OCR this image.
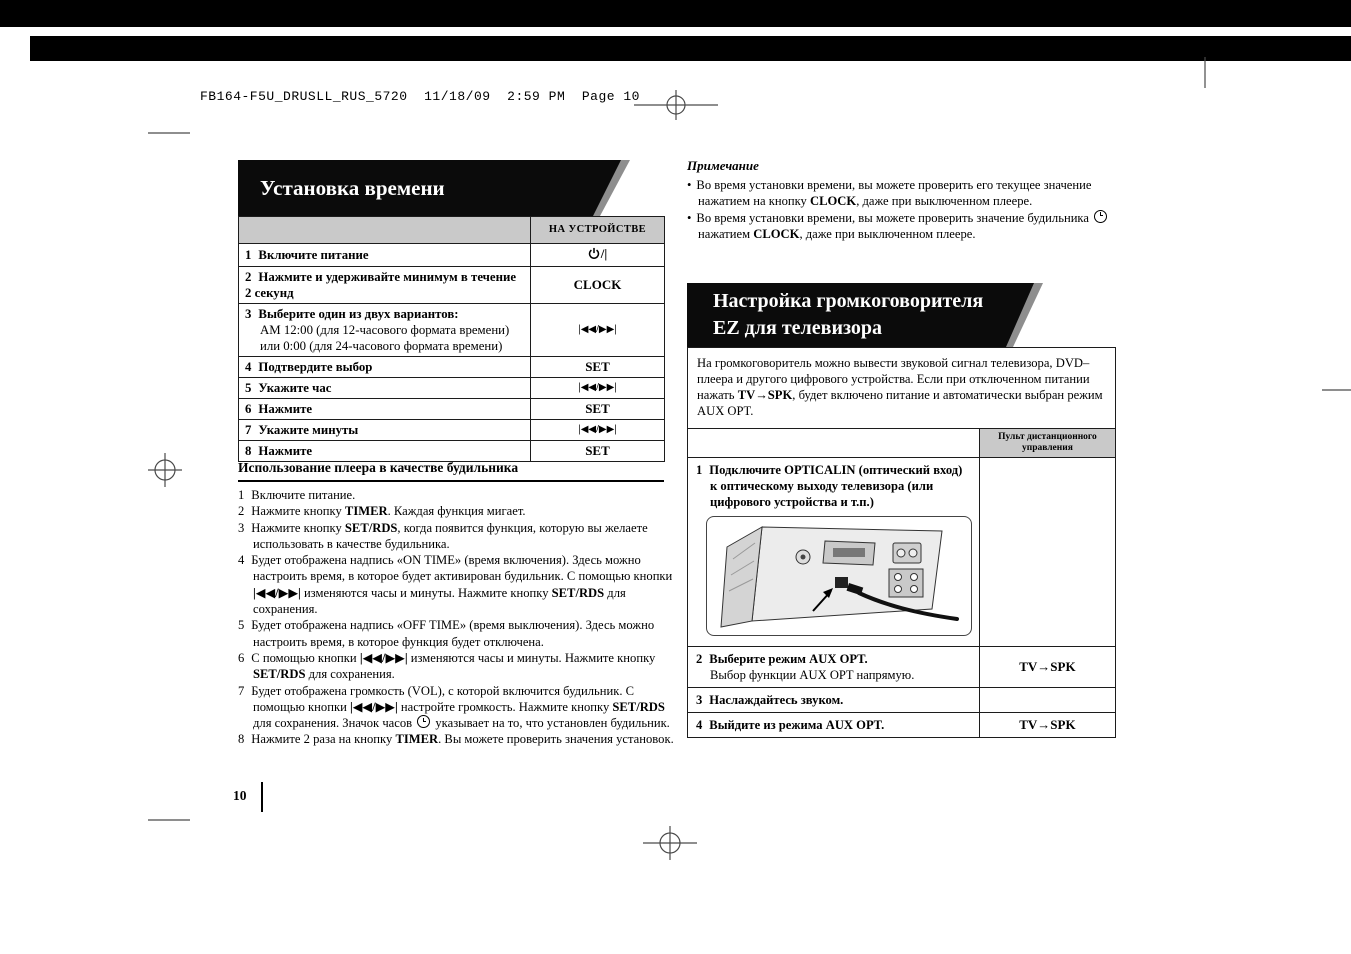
FB164-F5U_DRUSLL_RUS_5720  11/18/09  2:59 PM  Page 10
Установка времени
	НА УСТРОЙСТВЕ
1 Включите питание	/|
2 Нажмите и удерживайте минимум в течение 2 секунд	CLOCK

3 Выберите один из двух вариантов:
AM 12:00 (для 12-часового формата времени)
или 0:00 (для 24-часового формата времени)	|◀◀/▶▶|
4 Подтвердите выбор	SET
5 Укажите час	|◀◀/▶▶|
6 Нажмите	SET
7 Укажите минуты	|◀◀/▶▶|
8 Нажмите	SET
Использование плеера в качестве будильника
1 Включите питание.
2 Нажмите кнопку TIMER. Каждая функция мигает.
3 Нажмите кнопку SET/RDS, когда появится функция, которую вы желаете использовать в качестве будильника.
4 Будет отображена надпись «ON TIME» (время включения). Здесь можно настроить время, в которое будет активирован будильник. С помощью кнопки |◀◀/▶▶| изменяются часы и минуты. Нажмите кнопку SET/RDS для сохранения.
5 Будет отображена надпись «OFF TIME» (время выключения). Здесь можно настроить время, в которое функция будет отключена.
6 С помощью кнопки |◀◀/▶▶| изменяются часы и минуты. Нажмите кнопку SET/RDS для сохранения.
7 Будет отображена громкость (VOL), с которой включится будильник. С помощью кнопки |◀◀/▶▶| настройте громкость. Нажмите кнопку SET/RDS для сохранения. Значок часов  указывает на то, что установлен будильник.
8 Нажмите 2 раза на кнопку TIMER. Вы можете проверить значения установок.
10
Примечание
• Во время установки времени, вы можете проверить его текущее значение нажатием на кнопку CLOCK, даже при выключенном плеере.
• Во время установки времени, вы можете проверить значение будильника  нажатием CLOCK, даже при выключенном плеере.
Настройка громкоговорителя
EZ для телевизора
На громкоговоритель можно вывести звуковой сигнал телевизора, DVD– плеера и другого цифрового устройства. Если при отключенном питании нажать TV→SPK, будет включено питание и автоматически выбран режим AUX OPT.
	Пульт дистанционного управления

1 Подключите OPTICALIN (оптический вход) к оптическому выходу телевизора (или цифрового устройства и т.п.)	

2 Выберите режим AUX OPT.
Выбор функции AUX OPT напрямую.	TV→SPK

3 Наслаждайтесь звуком.	

4 Выйдите из режима AUX OPT.	TV→SPK
